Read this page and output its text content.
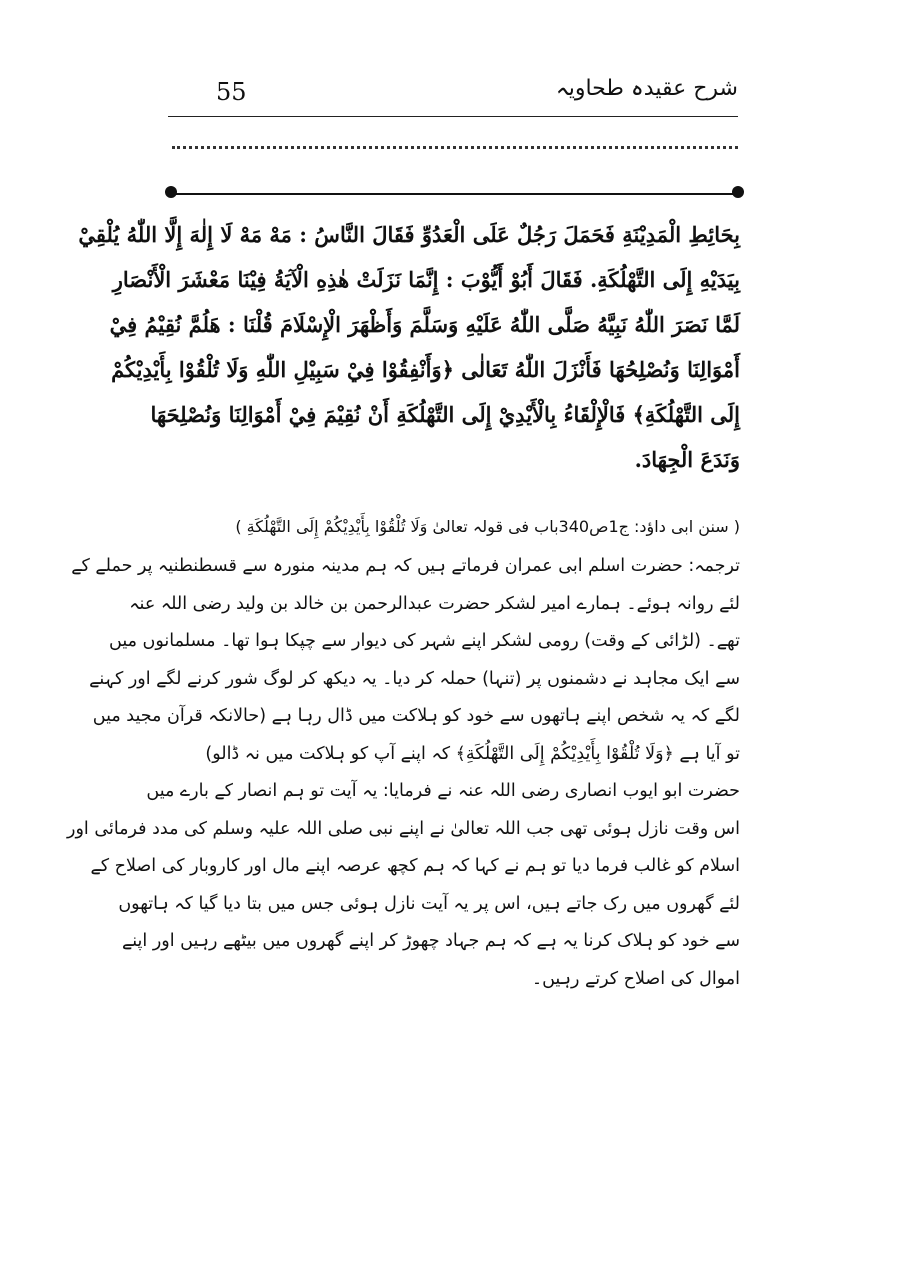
55	شرح عقیدہ طحاویہ
بِحَائِطِ الْمَدِيْنَةِ فَحَمَلَ رَجُلٌ عَلَى الْعَدُوِّ فَقَالَ النَّاسُ : مَهْ مَهْ لَا إِلٰهَ إِلَّا اللّٰهُ يُلْقِيْ
بِيَدَيْهِ إِلَى التَّهْلُكَةِ. فَقَالَ أَبُوْ أَيُّوْبَ : إِنَّمَا نَزَلَتْ هٰذِهِ الْآيَةُ فِيْنَا مَعْشَرَ الْأَنْصَارِ
لَمَّا نَصَرَ اللّٰهُ نَبِيَّهُ صَلَّى اللّٰهُ عَلَيْهِ وَسَلَّمَ وَأَظْهَرَ الْإِسْلَامَ قُلْنَا : هَلُمَّ نُقِيْمُ فِيْ
أَمْوَالِنَا وَنُصْلِحُهَا فَأَنْزَلَ اللّٰهُ تَعَالٰى ﴿وَأَنْفِقُوْا فِيْ سَبِيْلِ اللّٰهِ وَلَا تُلْقُوْا بِأَيْدِيْكُمْ
إِلَى التَّهْلُكَةِ﴾ فَالْإِلْقَاءُ بِالْأَيْدِيْ إِلَى التَّهْلُكَةِ أَنْ نُقِيْمَ فِيْ أَمْوَالِنَا وَنُصْلِحَهَا
وَنَدَعَ الْجِهَادَ.
( سنن ابی داؤد: ج1ص340باب فی قولہ تعالیٰ وَلَا تُلْقُوْا بِأَيْدِيْكُمْ إِلَى التَّهْلُكَةِ )
ترجمہ: حضرت اسلم ابی عمران فرماتے ہیں کہ ہم مدینہ منورہ سے قسطنطنیہ پر حملے کے
لئے روانہ ہوئے۔ ہمارے امیر لشکر حضرت عبدالرحمن بن خالد بن ولید رضی اللہ عنہ
تھے۔ (لڑائی کے وقت) رومی لشکر اپنے شہر کی دیوار سے چپکا ہوا تھا۔ مسلمانوں میں
سے ایک مجاہد نے دشمنوں پر (تنہا) حملہ کر دیا۔ یہ دیکھ کر لوگ شور کرنے لگے اور کہنے
لگے کہ یہ شخص اپنے ہاتھوں سے خود کو ہلاکت میں ڈال رہا ہے (حالانکہ قرآن مجید میں
تو آیا ہے ﴿وَلَا تُلْقُوْا بِأَيْدِيْكُمْ إِلَى التَّهْلُكَةِ﴾ کہ اپنے آپ کو ہلاکت میں نہ ڈالو)
حضرت ابو ایوب انصاری رضی اللہ عنہ نے فرمایا: یہ آیت تو ہم انصار کے بارے میں
اس وقت نازل ہوئی تھی جب اللہ تعالیٰ نے اپنے نبی صلی اللہ علیہ وسلم کی مدد فرمائی اور
اسلام کو غالب فرما دیا تو ہم نے کہا کہ ہم کچھ عرصہ اپنے مال اور کاروبار کی اصلاح کے
لئے گھروں میں رک جاتے ہیں، اس پر یہ آیت نازل ہوئی جس میں بتا دیا گیا کہ ہاتھوں
سے خود کو ہلاک کرنا یہ ہے کہ ہم جہاد چھوڑ کر اپنے گھروں میں بیٹھے رہیں اور اپنے
اموال کی اصلاح کرتے رہیں۔
